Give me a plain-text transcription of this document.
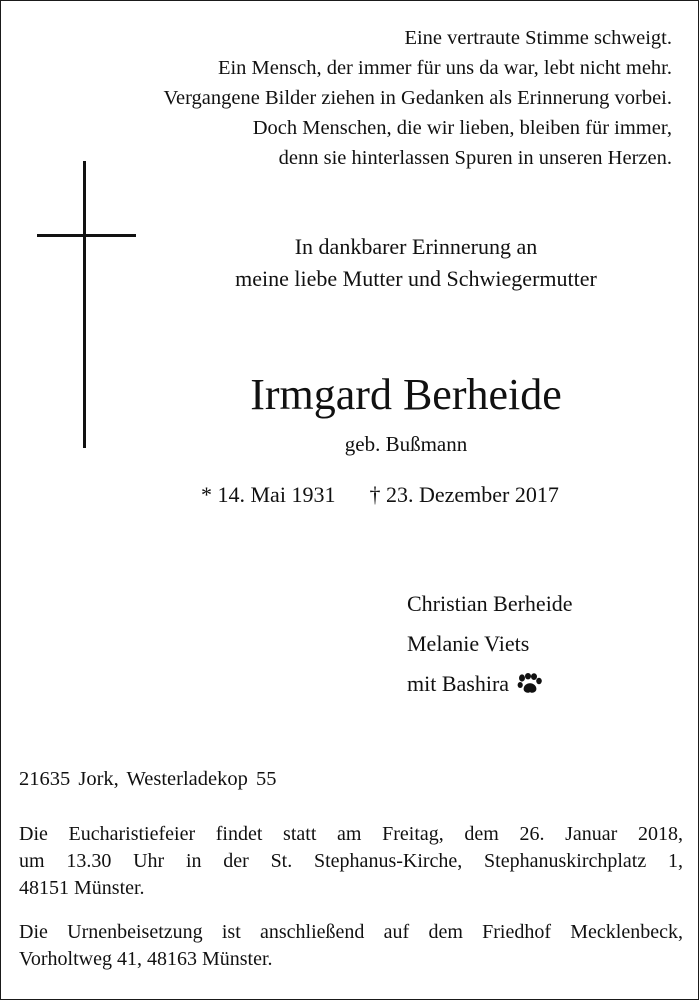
Eine vertraute Stimme schweigt.
Ein Mensch, der immer für uns da war, lebt nicht mehr.
Vergangene Bilder ziehen in Gedanken als Erinnerung vorbei.
Doch Menschen, die wir lieben, bleiben für immer,
denn sie hinterlassen Spuren in unseren Herzen.
In dankbarer Erinnerung an
meine liebe Mutter und Schwiegermutter
Irmgard Berheide
geb. Bußmann
* 14. Mai 1931 † 23. Dezember 2017
Christian Berheide
Melanie Viets
mit Bashira
21635 Jork, Westerladekop 55
Die Eucharistiefeier findet statt am Freitag, dem 26. Januar 2018,
um 13.30 Uhr in der St. Stephanus-Kirche, Stephanuskirchplatz 1,
48151 Münster.
Die Urnenbeisetzung ist anschließend auf dem Friedhof Mecklenbeck,
Vorholtweg 41, 48163 Münster.
